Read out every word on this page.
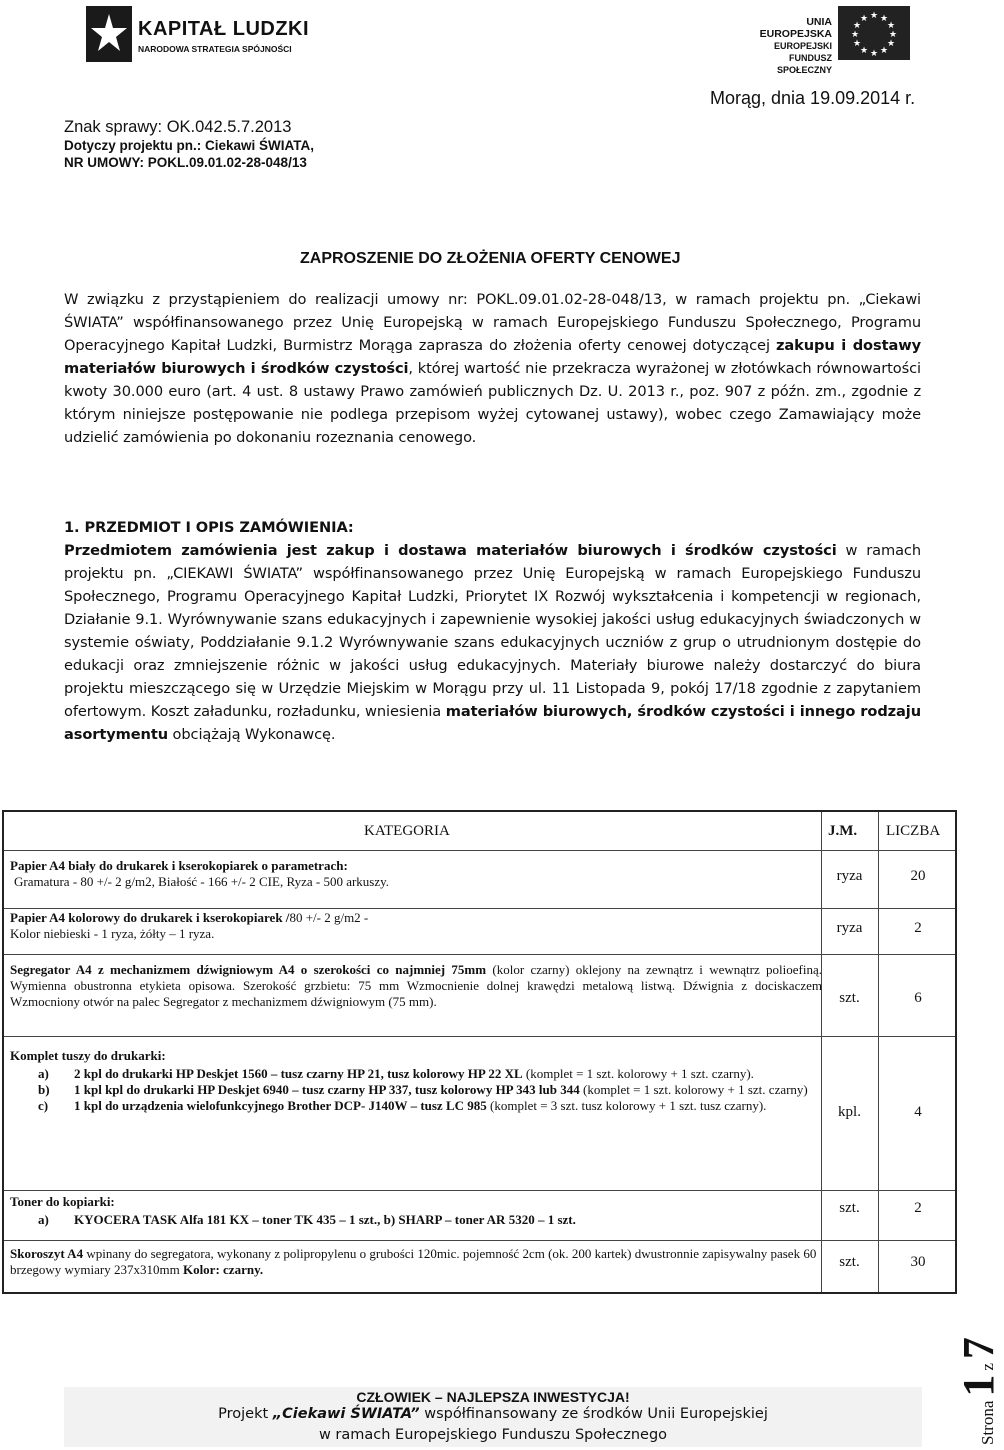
KAPITAŁ LUDZKI
NARODOWA STRATEGIA SPÓJNOŚCI
UNIA EUROPEJSKA
EUROPEJSKI
FUNDUSZ SPOŁECZNY
★ ★
★
★
★
★
★
★
★
★
★
★
Morąg, dnia 19.09.2014 r.
Znak sprawy: OK.042.5.7.2013
Dotyczy projektu pn.: Ciekawi ŚWIATA,
NR UMOWY: POKL.09.01.02-28-048/13
ZAPROSZENIE DO ZŁOŻENIA OFERTY CENOWEJ
W związku z przystąpieniem do realizacji umowy nr: POKL.09.01.02-28-048/13, w ramach projektu pn. „Ciekawi ŚWIATA” współfinansowanego przez Unię Europejską w ramach Europejskiego Funduszu Społecznego, Programu Operacyjnego Kapitał Ludzki, Burmistrz Morąga zaprasza do złożenia oferty cenowej dotyczącej zakupu i dostawy materiałów biurowych i środków czystości, której wartość nie przekracza wyrażonej w złotówkach równowartości kwoty 30.000 euro (art. 4 ust. 8 ustawy Prawo zamówień publicznych Dz. U. 2013 r., poz. 907 z późn. zm., zgodnie z którym niniejsze postępowanie nie podlega przepisom wyżej cytowanej ustawy), wobec czego Zamawiający może udzielić zamówienia po dokonaniu rozeznania cenowego.
1. PRZEDMIOT I OPIS ZAMÓWIENIA:
Przedmiotem zamówienia jest zakup i dostawa materiałów biurowych i środków czystości w ramach projektu pn. „CIEKAWI ŚWIATA” współfinansowanego przez Unię Europejską w ramach Europejskiego Funduszu Społecznego, Programu Operacyjnego Kapitał Ludzki, Priorytet IX Rozwój wykształcenia i kompetencji w regionach, Działanie 9.1. Wyrównywanie szans edukacyjnych i zapewnienie wysokiej jakości usług edukacyjnych świadczonych w systemie oświaty, Poddziałanie 9.1.2 Wyrównywanie szans edukacyjnych uczniów z grup o utrudnionym dostępie do edukacji oraz zmniejszenie różnic w jakości usług edukacyjnych. Materiały biurowe należy dostarczyć do biura projektu mieszczącego się w Urzędzie Miejskim w Morągu przy ul. 11 Listopada 9, pokój 17/18 zgodnie z zapytaniem ofertowym. Koszt załadunku, rozładunku, wniesienia materiałów biurowych, środków czystości i innego rodzaju asortymentu obciążają Wykonawcę.
KATEGORIA	J.M. LICZBA
Papier A4 biały do drukarek i kserokopiarek o parametrach:
Gramatura - 80 +/- 2 g/m2, Białość - 166 +/- 2 CIE, Ryza - 500 arkuszy.	ryza	20
Papier A4 kolorowy do drukarek i kserokopiarek /80 +/- 2 g/m2 -
Kolor niebieski - 1 ryza, żółty – 1 ryza.	ryza	2
Segregator A4 z mechanizmem dźwigniowym A4 o szerokości co najmniej 75mm (kolor czarny) oklejony na zewnątrz i wewnątrz polioefiną. Wymienna obustronna etykieta opisowa. Szerokość grzbietu: 75 mm Wzmocnienie dolnej krawędzi metalową listwą. Dźwignia z dociskaczem Wzmocniony otwór na palec Segregator z mechanizmem dźwigniowym (75 mm).	szt.	6
Komplet tuszy do drukarki:
a) 2 kpl do drukarki HP Deskjet 1560 – tusz czarny HP 21, tusz kolorowy HP 22 XL (komplet = 1 szt. kolorowy + 1 szt. czarny).
b) 1 kpl kpl do drukarki HP Deskjet 6940 – tusz czarny HP 337, tusz kolorowy HP 343 lub 344 (komplet = 1 szt. kolorowy + 1 szt. czarny)
c) 1 kpl do urządzenia wielofunkcyjnego Brother DCP- J140W – tusz LC 985 (komplet = 3 szt. tusz kolorowy + 1 szt. tusz czarny).	kpl.	4
Toner do kopiarki:
a) KYOCERA TASK Alfa 181 KX – toner TK 435 – 1 szt., b) SHARP – toner AR 5320 – 1 szt.
szt.	2
Skoroszyt A4 wpinany do segregatora, wykonany z polipropylenu o grubości 120mic. pojemność 2cm (ok. 200 kartek) dwustronnie zapisywalny pasek 60 brzegowy wymiary 237x310mm Kolor: czarny.	szt.	30
CZŁOWIEK – NAJLEPSZA INWESTYCJA!
Projekt „Ciekawi ŚWIATA” współfinansowany ze środków Unii Europejskiej
w ramach Europejskiego Funduszu Społecznego	Strona 1 z 7
